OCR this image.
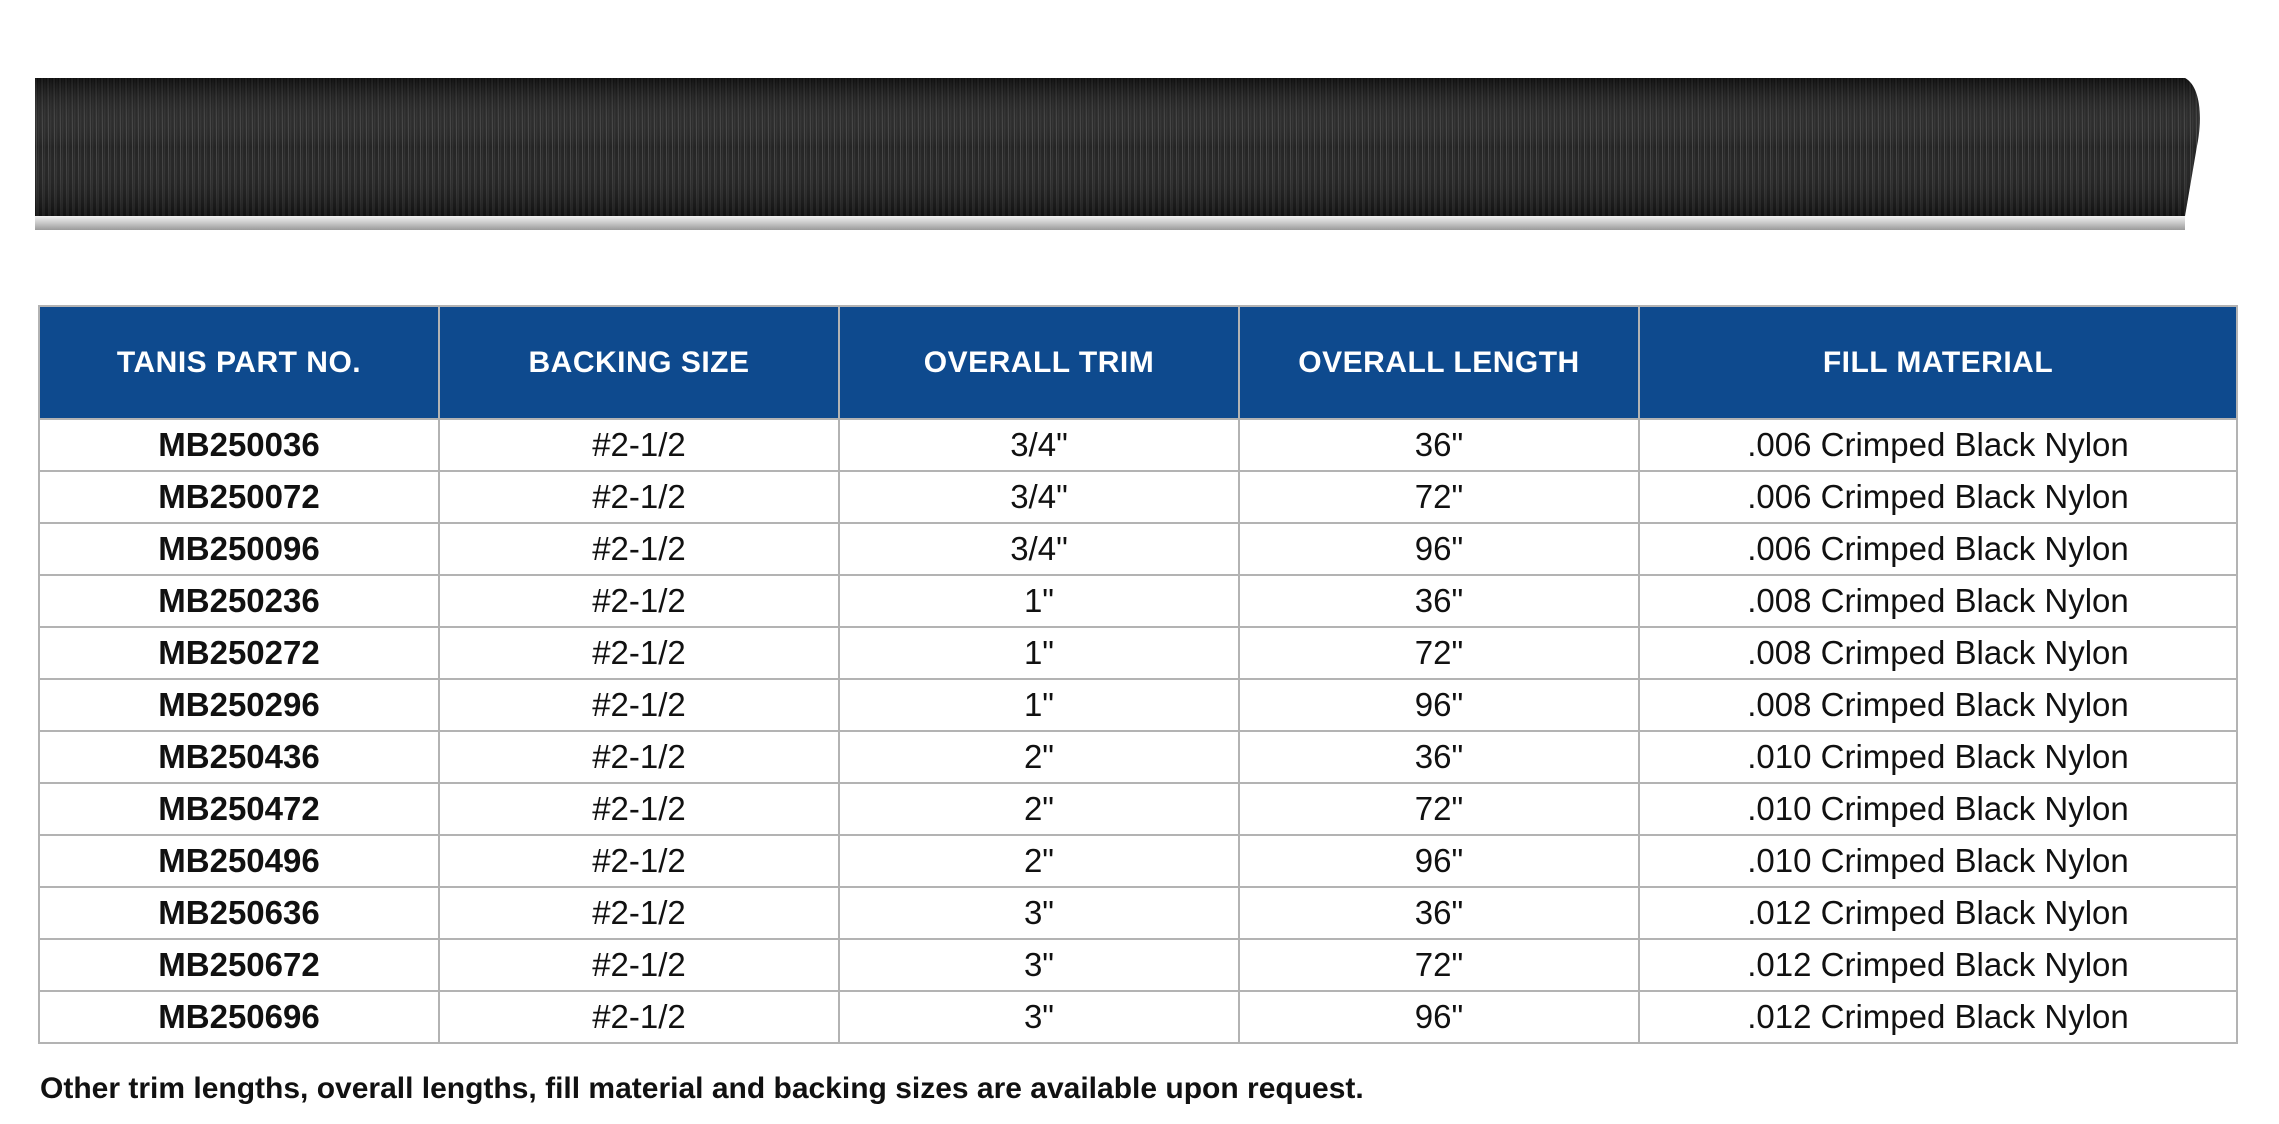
TANIS PART NO.	BACKING SIZE	OVERALL TRIM	OVERALL LENGTH	FILL MATERIAL
MB250036	#2-1/2	3/4"	36"	.006 Crimped Black Nylon
MB250072	#2-1/2	3/4"	72"	.006 Crimped Black Nylon
MB250096	#2-1/2	3/4"	96"	.006 Crimped Black Nylon
MB250236	#2-1/2	1"	36"	.008 Crimped Black Nylon
MB250272	#2-1/2	1"	72"	.008 Crimped Black Nylon
MB250296	#2-1/2	1"	96"	.008 Crimped Black Nylon
MB250436	#2-1/2	2"	36"	.010 Crimped Black Nylon
MB250472	#2-1/2	2"	72"	.010 Crimped Black Nylon
MB250496	#2-1/2	2"	96"	.010 Crimped Black Nylon
MB250636	#2-1/2	3"	36"	.012 Crimped Black Nylon
MB250672	#2-1/2	3"	72"	.012 Crimped Black Nylon
MB250696	#2-1/2	3"	96"	.012 Crimped Black Nylon
Other trim lengths, overall lengths, fill material and backing sizes are available upon request.
